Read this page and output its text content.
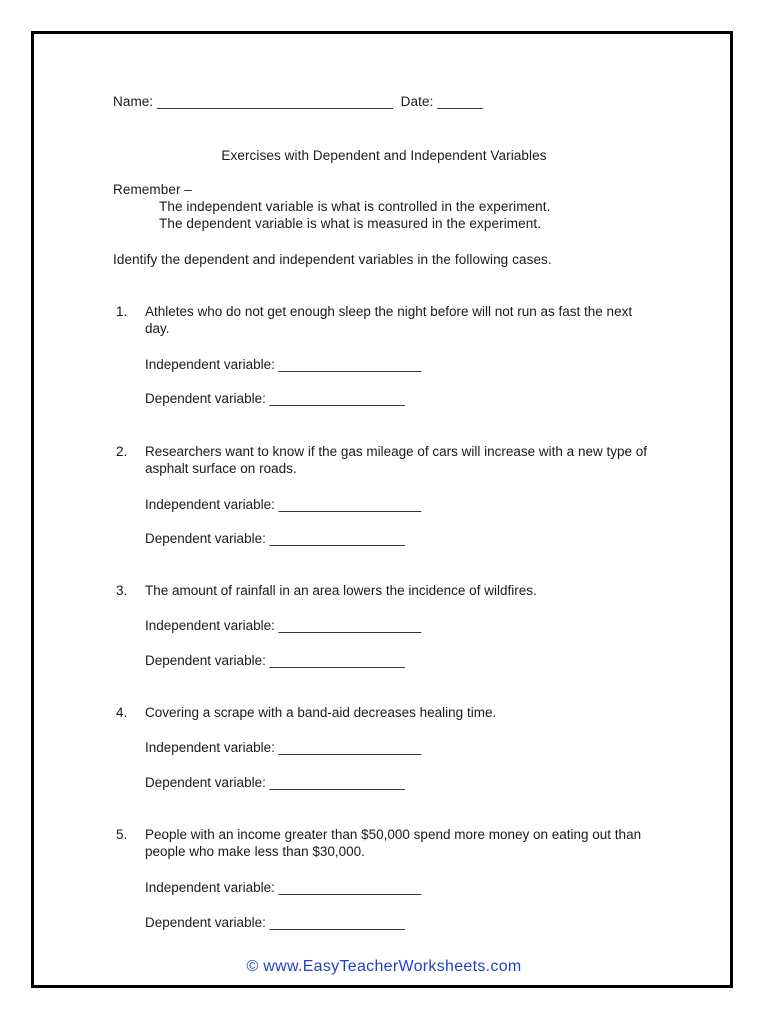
Name: _______________________________  Date: ______
Exercises with Dependent and Independent Variables
Remember –
The independent variable is what is controlled in the experiment.
The dependent variable is what is measured in the experiment.
Identify the dependent and independent variables in the following cases.
1. Athletes who do not get enough sleep the night before will not run as fast the next day.
Independent variable: ___________________
Dependent variable: __________________
2. Researchers want to know if the gas mileage of cars will increase with a new type of asphalt surface on roads.
Independent variable: ___________________
Dependent variable: __________________
3. The amount of rainfall in an area lowers the incidence of wildfires.
Independent variable: ___________________
Dependent variable: __________________
4. Covering a scrape with a band-aid decreases healing time.
Independent variable: ___________________
Dependent variable: __________________
5. People with an income greater than $50,000 spend more money on eating out than people who make less than $30,000.
Independent variable: ___________________
Dependent variable: __________________
© www.EasyTeacherWorksheets.com
